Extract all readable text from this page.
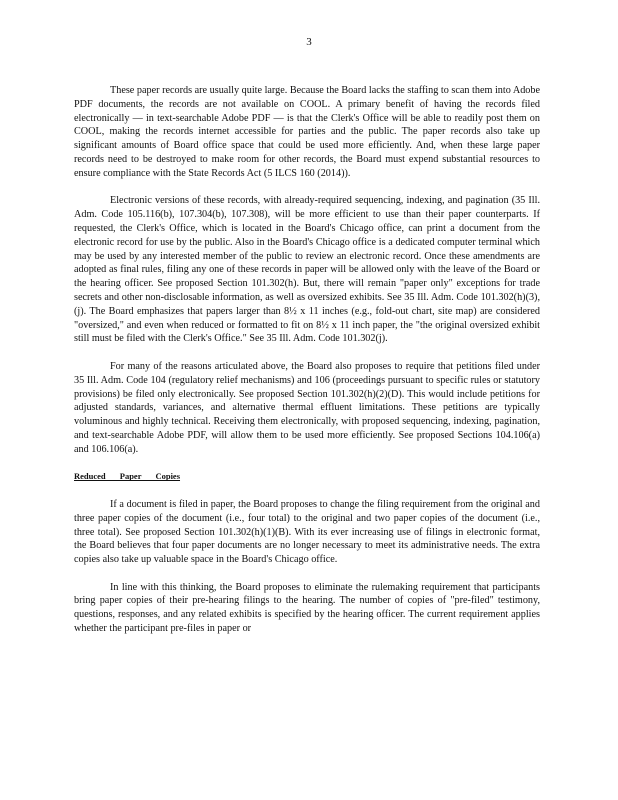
3

These paper records are usually quite large. Because the Board lacks the staffing to scan them into Adobe PDF documents, the records are not available on COOL. A primary benefit of having the records filed electronically — in text-searchable Adobe PDF — is that the Clerk's Office will be able to readily post them on COOL, making the records internet accessible for parties and the public. The paper records also take up significant amounts of Board office space that could be used more efficiently. And, when these large paper records need to be destroyed to make room for other records, the Board must expend substantial resources to ensure compliance with the State Records Act (5 ILCS 160 (2014)).

Electronic versions of these records, with already-required sequencing, indexing, and pagination (35 Ill. Adm. Code 105.116(b), 107.304(b), 107.308), will be more efficient to use than their paper counterparts. If requested, the Clerk's Office, which is located in the Board's Chicago office, can print a document from the electronic record for use by the public. Also in the Board's Chicago office is a dedicated computer terminal which may be used by any interested member of the public to review an electronic record. Once these amendments are adopted as final rules, filing any one of these records in paper will be allowed only with the leave of the Board or the hearing officer. See proposed Section 101.302(h). But, there will remain "paper only" exceptions for trade secrets and other non-disclosable information, as well as oversized exhibits. See 35 Ill. Adm. Code 101.302(h)(3), (j). The Board emphasizes that papers larger than 8½ x 11 inches (e.g., fold-out chart, site map) are considered "oversized," and even when reduced or formatted to fit on 8½ x 11 inch paper, the "the original oversized exhibit still must be filed with the Clerk's Office." See 35 Ill. Adm. Code 101.302(j).

For many of the reasons articulated above, the Board also proposes to require that petitions filed under 35 Ill. Adm. Code 104 (regulatory relief mechanisms) and 106 (proceedings pursuant to specific rules or statutory provisions) be filed only electronically. See proposed Section 101.302(h)(2)(D). This would include petitions for adjusted standards, variances, and alternative thermal effluent limitations. These petitions are typically voluminous and highly technical. Receiving them electronically, with proposed sequencing, indexing, pagination, and text-searchable Adobe PDF, will allow them to be used more efficiently. See proposed Sections 104.106(a) and 106.106(a).

Reduced Paper Copies

If a document is filed in paper, the Board proposes to change the filing requirement from the original and three paper copies of the document (i.e., four total) to the original and two paper copies of the document (i.e., three total). See proposed Section 101.302(h)(1)(B). With its ever increasing use of filings in electronic format, the Board believes that four paper documents are no longer necessary to meet its administrative needs. The extra copies also take up valuable space in the Board's Chicago office.

In line with this thinking, the Board proposes to eliminate the rulemaking requirement that participants bring paper copies of their pre-hearing filings to the hearing. The number of copies of "pre-filed" testimony, questions, responses, and any related exhibits is specified by the hearing officer. The current requirement applies whether the participant pre-files in paper or
